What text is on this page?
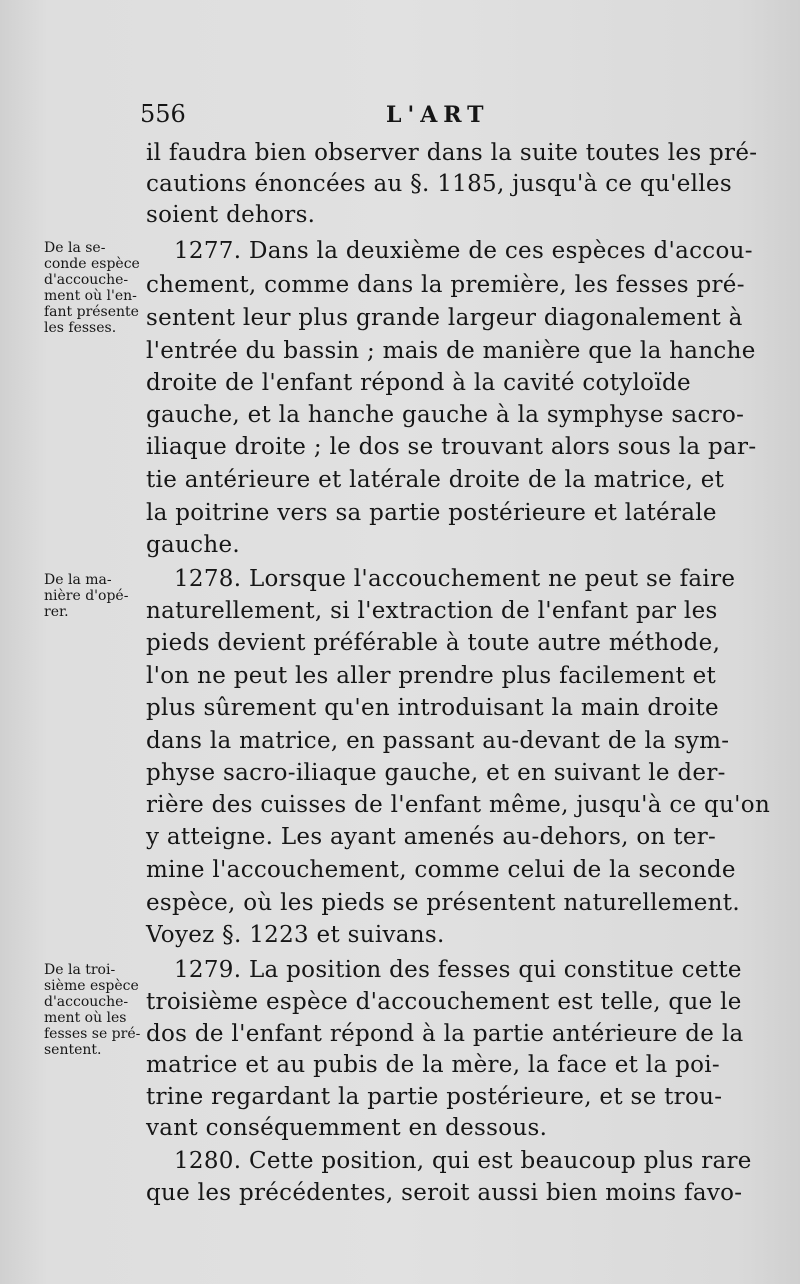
556	L'ART
il faudra bien observer dans la suite toutes les pré-
cautions énoncées au §. 1185, jusqu'à ce qu'elles
soient dehors.
1277. Dans la deuxième de ces espèces d'accou-
chement, comme dans la première, les fesses pré-
sentent leur plus grande largeur diagonalement à
l'entrée du bassin ; mais de manière que la hanche
droite de l'enfant répond à la cavité cotyloïde
gauche, et la hanche gauche à la symphyse sacro-
iliaque droite ; le dos se trouvant alors sous la par-
tie antérieure et latérale droite de la matrice, et
la poitrine vers sa partie postérieure et latérale
gauche.
1278. Lorsque l'accouchement ne peut se faire
naturellement, si l'extraction de l'enfant par les
pieds devient préférable à toute autre méthode,
l'on ne peut les aller prendre plus facilement et
plus sûrement qu'en introduisant la main droite
dans la matrice, en passant au-devant de la sym-
physe sacro-iliaque gauche, et en suivant le der-
rière des cuisses de l'enfant même, jusqu'à ce qu'on
y atteigne. Les ayant amenés au-dehors, on ter-
mine l'accouchement, comme celui de la seconde
espèce, où les pieds se présentent naturellement.
Voyez §. 1223 et suivans.
1279. La position des fesses qui constitue cette
troisième espèce d'accouchement est telle, que le
dos de l'enfant répond à la partie antérieure de la
matrice et au pubis de la mère, la face et la poi-
trine regardant la partie postérieure, et se trou-
vant conséquemment en dessous.
1280. Cette position, qui est beaucoup plus rare
que les précédentes, seroit aussi bien moins favo-
De la se-
conde espèce
d'accouche-
ment où l'en-
fant présente
les fesses.
De la ma-
nière d'opé-
rer.
De la troi-
sième espèce
d'accouche-
ment où les
fesses se pré-
sentent.
